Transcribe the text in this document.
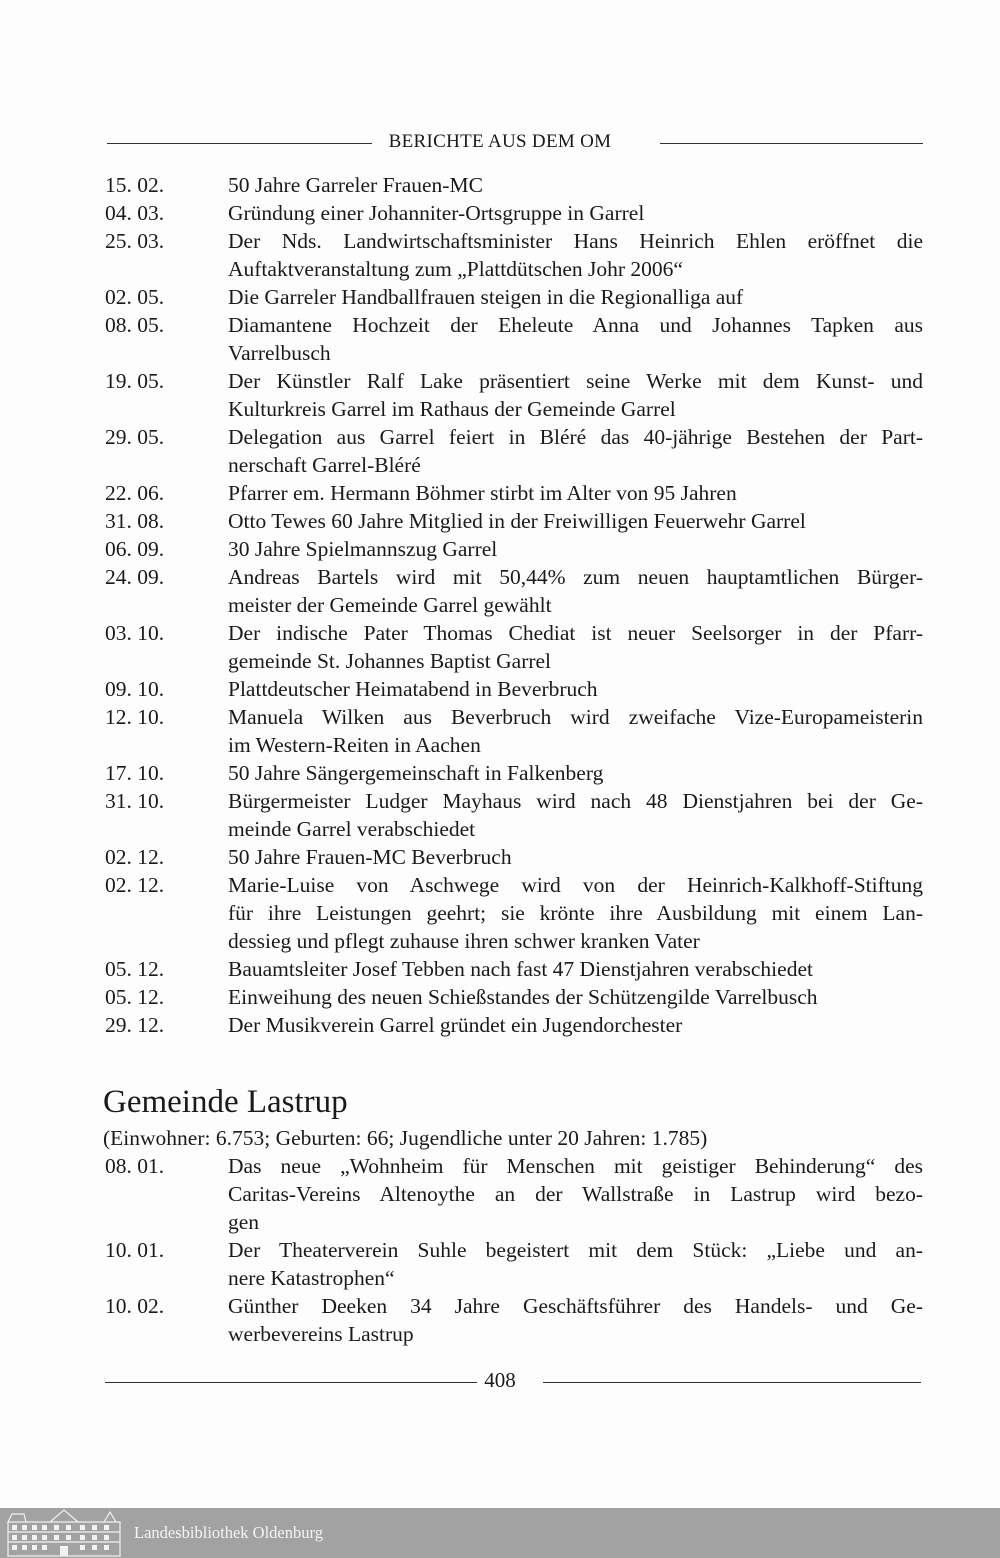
BERICHTE AUS DEM OM
15. 02.	50 Jahre Garreler Frauen-MC
04. 03.	Gründung einer Johanniter-Ortsgruppe in Garrel
25. 03.	Der Nds. Landwirtschaftsminister Hans Heinrich Ehlen eröffnet die
Auftaktveranstaltung zum „Plattdütschen Johr 2006“
02. 05.	Die Garreler Handballfrauen steigen in die Regionalliga auf
08. 05.	Diamantene Hochzeit der Eheleute Anna und Johannes Tapken aus
Varrelbusch
19. 05.	Der Künstler Ralf Lake präsentiert seine Werke mit dem Kunst- und
Kulturkreis Garrel im Rathaus der Gemeinde Garrel
29. 05.	Delegation aus Garrel feiert in Bléré das 40-jährige Bestehen der Part-
nerschaft Garrel-Bléré
22. 06.	Pfarrer em. Hermann Böhmer stirbt im Alter von 95 Jahren
31. 08.	Otto Tewes 60 Jahre Mitglied in der Freiwilligen Feuerwehr Garrel
06. 09.	30 Jahre Spielmannszug Garrel
24. 09.	Andreas Bartels wird mit 50,44% zum neuen hauptamtlichen Bürger-
meister der Gemeinde Garrel gewählt
03. 10.	Der indische Pater Thomas Chediat ist neuer Seelsorger in der Pfarr-
gemeinde St. Johannes Baptist Garrel
09. 10.	Plattdeutscher Heimatabend in Beverbruch
12. 10.	Manuela Wilken aus Beverbruch wird zweifache Vize-Europameisterin
im Western-Reiten in Aachen
17. 10.	50 Jahre Sängergemeinschaft in Falkenberg
31. 10.	Bürgermeister Ludger Mayhaus wird nach 48 Dienstjahren bei der Ge-
meinde Garrel verabschiedet
02. 12.	50 Jahre Frauen-MC Beverbruch
02. 12.	Marie-Luise von Aschwege wird von der Heinrich-Kalkhoff-Stiftung
für ihre Leistungen geehrt; sie krönte ihre Ausbildung mit einem Lan-
dessieg und pflegt zuhause ihren schwer kranken Vater
05. 12.	Bauamtsleiter Josef Tebben nach fast 47 Dienstjahren verabschiedet
05. 12.	Einweihung des neuen Schießstandes der Schützengilde Varrelbusch
29. 12.	Der Musikverein Garrel gründet ein Jugendorchester
Gemeinde Lastrup
(Einwohner: 6.753; Geburten: 66; Jugendliche unter 20 Jahren: 1.785)
08. 01.	Das neue „Wohnheim für Menschen mit geistiger Behinderung“ des
Caritas-Vereins Altenoythe an der Wallstraße in Lastrup wird bezo-
gen
10. 01.	Der Theaterverein Suhle begeistert mit dem Stück: „Liebe und an-
nere Katastrophen“
10. 02.	Günther Deeken 34 Jahre Geschäftsführer des Handels- und Ge-
werbevereins Lastrup
408
Landesbibliothek Oldenburg
